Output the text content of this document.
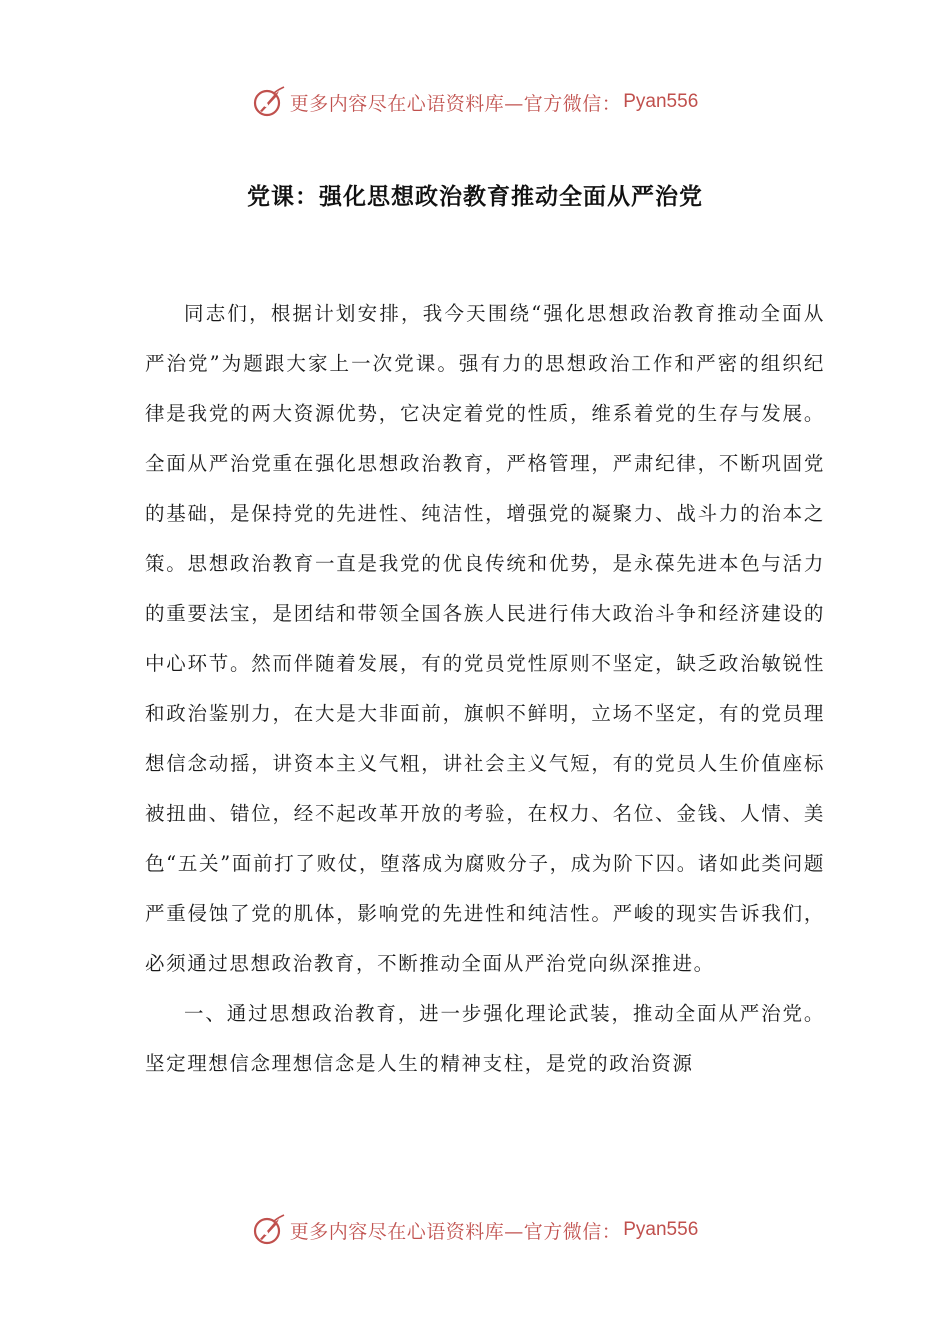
更多内容尽在心语资料库—官方微信： Pyan556
党课：强化思想政治教育推动全面从严治党

同志们，根据计划安排，我今天围绕“强化思想政治教育推动全面从严治党”为题跟大家上一次党课。强有力的思想政治工作和严密的组织纪律是我党的两大资源优势，它决定着党的性质，维系着党的生存与发展。全面从严治党重在强化思想政治教育，严格管理，严肃纪律，不断巩固党的基础，是保持党的先进性、纯洁性，增强党的凝聚力、战斗力的治本之策。思想政治教育一直是我党的优良传统和优势，是永葆先进本色与活力的重要法宝，是团结和带领全国各族人民进行伟大政治斗争和经济建设的中心环节。然而伴随着发展，有的党员党性原则不坚定，缺乏政治敏锐性和政治鉴别力，在大是大非面前，旗帜不鲜明，立场不坚定，有的党员理想信念动摇，讲资本主义气粗，讲社会主义气短，有的党员人生价值座标被扭曲、错位，经不起改革开放的考验，在权力、名位、金钱、人情、美色“五关”面前打了败仗，堕落成为腐败分子，成为阶下囚。诸如此类问题严重侵蚀了党的肌体，影响党的先进性和纯洁性。严峻的现实告诉我们，必须通过思想政治教育，不断推动全面从严治党向纵深推进。

一、通过思想政治教育，进一步强化理论武装，推动全面从严治党。坚定理想信念理想信念是人生的精神支柱，是党的政治资源

更多内容尽在心语资料库—官方微信： Pyan556
